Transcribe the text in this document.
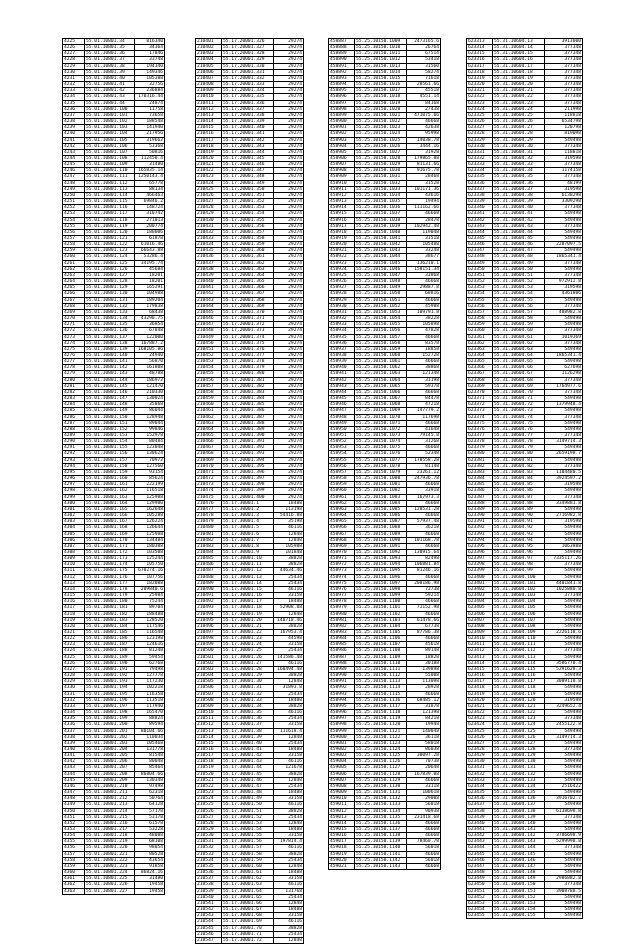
4225	55.01.10801.34	816340
4226	55.01.10801.35	34364
4227	55.01.10801.36	17846
4228	55.01.10801.37	33748
4229	55.01.10801.38	194340
4230	55.01.10801.39	149346
4231	55.01.10801.40	105388
4232	55.01.10801.41	32756
4233	55.01.10801.42	236884
4234	55.01.10801.43	170316.44
4235	55.01.10801.44	24874
4236	55.01.10801.100	11758
4237	55.01.10801.101	73658
4238	55.01.10801.102	188548
4239	55.01.10801.103	141940
4240	55.01.10801.104	217956
4241	55.01.10801.105	319662
4242	55.01.10801.106	53368
4243	55.01.10801.107	50816
4244	55.01.10801.108	112450.4
4245	55.01.10801.109	31480
4246	55.01.10801.110	165835.14
4247	55.01.10801.111	1250143.4
4248	55.01.10801.112	65778
4249	55.01.10801.113	88134
4250	55.01.10801.114	466463
4251	55.01.10801.115	69846.2
4252	55.01.10801.116	148724
4253	55.01.10801.117	310742
4254	55.01.10801.118	271013
4255	55.01.10801.119	200774
4256	55.01.10801.120	180006
4257	55.01.10801.121	61878
4258	55.01.10801.122	61016.46
4259	55.01.10801.123	66643.88
4260	55.01.10801.124	53286.4
4261	55.01.10801.125	34195.74
4262	55.01.10801.126	45684
4263	55.01.10801.127	18201
4264	55.01.10801.128	18201
4265	55.01.10801.129	165291
4266	55.01.10801.130	104988
4267	55.01.10801.131	189204
4268	55.01.10801.132	179838
4269	55.01.10801.133	68438
4270	55.01.10801.134	43290.75
4271	55.01.10801.135	36854
4272	55.01.10801.136	67848
4273	55.01.10801.137	122000
4274	55.01.10801.138	167887.2
4275	55.01.10801.139	168105.86
4276	55.01.10801.140	24940
4277	55.01.10801.141	56870
4278	55.01.10801.142	161808
4279	55.01.10801.143	48788
4280	55.01.10801.144	186972
4281	55.01.10801.145	121470
4282	55.01.10801.146	210330
4283	55.01.10801.147	130024
4284	55.01.10801.148	35868
4285	55.01.10801.149	86044
4286	55.01.10801.150	128948
4287	55.01.10801.151	89044
4288	55.01.10801.152	99846
4289	55.01.10801.153	152978
4290	55.01.10801.154	80484
4291	55.01.10801.155	123048
4292	55.01.10801.156	130624
4293	55.01.10801.157	70972
4294	55.01.10801.158	127560
4295	55.01.10801.159	93154
4296	55.01.10801.160	85624
4297	55.01.10801.161	222199
4298	55.01.10801.162	116518
4299	55.01.10801.163	125988
4300	55.01.10801.164	129980
4301	55.01.10801.165	162648
4302	55.01.10801.166	105288
4303	55.01.10801.167	126224
4304	55.01.10801.168	126644
4305	55.01.10801.169	125988
4306	55.01.10801.170	134484
4307	55.01.10801.171	180388
4308	55.01.10801.172	103508
4309	55.01.10801.173	125244
4310	55.01.10801.174	105750
4311	55.01.10801.175	670274.16
4312	55.01.10801.176	107756
4313	55.01.10801.177	182088
4314	55.01.10801.178	209840.6
4315	55.01.10801.179	25984
4316	55.01.10801.180	75244
4317	55.01.10801.181	89704
4318	55.01.10801.182	188488
4319	55.01.10801.183	128520
4320	55.01.10801.184	117546
4321	55.01.10801.185	116548
4322	55.01.10801.186	123198
4323	55.01.10801.187	124616
4324	55.01.10801.188	81248
4325	55.01.10801.189	59454
4326	55.01.10801.190	62768
4327	55.01.10801.191	79498
4328	55.01.10801.192	127778
4329	55.01.10801.193	117230
4330	55.01.10801.194	102218
4331	55.01.10801.195	116358
4332	55.01.10801.196	113518
4333	55.01.10801.197	117940
4334	55.01.10801.198	165470
4335	55.01.10801.199	88824
4336	55.01.10801.200	89594
4337	55.01.10801.201	80104.66
4338	55.01.10801.202	110034
4339	55.01.10801.203	105468
4340	55.01.10801.204	131778
4341	55.01.10801.205	81548
4342	55.01.10801.206	80048
4343	55.01.10801.207	85464
4344	55.01.10801.208	86804.66
4345	55.01.10801.209	130348
4346	55.01.10801.210	97498
4347	55.01.10801.211	62318
4348	55.01.10801.212	50764
4349	55.01.10801.213	64128
4350	55.01.10801.214	57178
4351	55.01.10801.215	53178
4352	55.01.10801.216	61578
4353	55.01.10801.217	53228
4354	55.01.10801.218	48088
4355	55.01.10801.219	68108
4356	55.01.10801.220	98054
4357	55.01.10801.221	80528
4358	55.01.10801.222	43654
4359	55.01.10801.223	91858
4360	55.01.10801.224	86824.16
4361	55.01.10801.225	31480
4362	55.01.10801.226	19458
4363	55.01.10801.227	19458
210401	55.17.20001.326	29274
210402	55.17.20001.327	29274
210403	55.17.20001.328	29274
210404	55.17.20001.329	29274
210405	55.17.20001.330	29274
210406	55.17.20001.331	29274
210407	55.17.20001.332	29274
210408	55.17.20001.333	29274
210409	55.17.20001.334	29274
210410	55.17.20001.335	29274
210411	55.17.20001.336	29274
210412	55.17.20001.337	29274
210413	55.17.20001.338	29274
210414	55.17.20001.339	29274
210415	55.17.20001.340	29274
210416	55.17.20001.341	29274
210417	55.17.20001.342	29274
210418	55.17.20001.343	29274
210419	55.17.20001.344	29274
210420	55.17.20001.345	29274
210421	55.17.20001.346	29274
210422	55.17.20001.347	29274
210423	55.17.20001.348	29274
210424	55.17.20001.349	29274
210425	55.17.20001.350	29274
210426	55.17.20001.351	29274
210427	55.17.20001.352	29274
210428	55.17.20001.353	29274
210429	55.17.20001.354	29274
210430	55.17.20001.355	29274
210431	55.17.20001.356	29274
210432	55.17.20001.357	29274
210433	55.17.20001.358	29274
210434	55.17.20001.359	29274
210435	55.17.20001.360	29274
210436	55.17.20001.361	29274
210437	55.17.20001.362	29274
210438	55.17.20001.363	29274
210439	55.17.20001.364	29274
210440	55.17.20001.365	29274
210441	55.17.20001.366	29274
210442	55.17.20001.367	29274
210443	55.17.20001.368	29274
210444	55.17.20001.369	29274
210445	55.17.20001.370	29274
210446	55.17.20001.371	29274
210447	55.17.20001.372	29274
210448	55.17.20001.373	29274
210449	55.17.20001.374	29274
210450	55.17.20001.375	29274
210451	55.17.20001.376	29274
210452	55.17.20001.377	29274
210453	55.17.20001.378	29274
210454	55.17.20001.379	29274
210455	55.17.20001.380	29274
210456	55.17.20001.381	29274
210457	55.17.20001.382	29274
210458	55.17.20001.383	29274
210459	55.17.20001.384	29274
210460	55.17.20001.385	29274
210461	55.17.20001.386	29274
210462	55.17.20001.387	29274
210463	55.17.20001.388	29274
210464	55.17.20001.389	29274
210465	55.17.20001.390	29274
210466	55.17.20001.391	29274
210467	55.17.20001.392	29274
210468	55.17.20001.393	29274
210469	55.17.20001.394	29274
210470	55.17.20001.395	29274
210471	55.17.20001.396	29274
210472	55.17.20001.397	29274
210473	55.17.20001.398	29274
210474	55.17.20001.399	29274
210475	55.17.20001.400	29274
210476	55.17.30001.1	18488
210477	55.17.30001.2	113198
210478	55.17.30001.3	54416.88
210479	55.17.30001.4	35198
210480	55.17.30001.5	46116
210481	55.17.30001.6	12848
210482	55.17.30001.7	12848
210483	55.17.30001.8	105988
210484	55.17.30001.9	101848
210485	55.17.30001.10	38828
210486	55.17.30001.11	38828
210487	55.17.30001.12	44634.46
210488	55.17.30001.13	25434
210489	55.17.30001.14	25434
210490	55.17.30001.15	46116
210491	55.17.30001.16	33158
210492	55.17.30001.17	18488
210493	55.17.30001.18	52908.88
210494	55.17.30001.19	12848
210495	55.17.30001.20	140718.46
210496	55.17.30001.21	38828
210497	55.17.30001.22	167953.4
210498	55.17.30001.23	44598
210499	55.17.30001.24	33158
210500	55.17.30001.25	25434
210501	55.17.30001.26	141586.48
210502	55.17.30001.27	46116
210503	55.17.30001.28	160494.48
210504	55.17.30001.29	38828
210505	55.17.30001.30	12848
210506	55.17.30001.31	31893.8
210507	55.17.30001.32	25434
210508	55.17.30001.33	18488
210509	55.17.30001.34	38828
210510	55.17.30001.35	46116
210511	55.17.30001.36	25434
210512	55.17.30001.37	33158
210513	55.17.30001.38	111618.4
210514	55.17.30001.39	12848
210515	55.17.30001.40	25434
210516	55.17.30001.41	18488
210517	55.17.30001.42	33158
210518	55.17.30001.43	46116
210519	55.17.30001.44	121678
210520	55.17.30001.45	38828
210521	55.17.30001.46	12848
210522	55.17.30001.47	25434
210523	55.17.30001.48	18488
210524	55.17.30001.49	33158
210525	55.17.30001.50	46116
210526	55.17.30001.51	38828
210527	55.17.30001.52	25434
210528	55.17.30001.53	12848
210529	55.17.30001.54	18488
210530	55.17.30001.55	33158
210531	55.17.30001.56	197814.4
210532	55.17.30001.57	46116
210533	55.17.30001.58	38828
210534	55.17.30001.59	25434
210535	55.17.30001.60	12848
210536	55.17.30001.61	18488
210537	55.17.30001.62	33158
210538	55.17.30001.63	46116
210539	55.17.30001.64	131768
210540	55.17.30001.65	25434
210541	55.17.30001.66	12848
210542	55.17.30001.67	18488
210543	55.17.30001.68	33158
210544	55.17.30001.69	46116
210545	55.17.30001.70	38828
210546	55.17.30001.71	25434
210547	55.17.30001.72	12848
458887	55.25.10150.1009	2473165.6
458888	55.25.10150.1010	26764
458889	55.25.10150.1011	67514
458890	55.25.10150.1012	53418
458891	55.25.10150.1013	31560
458892	55.25.10150.1014	58274
458893	55.25.10150.1015	71618
458894	55.25.10150.1016	28561.66
458895	55.25.10150.1017	45518
458896	55.25.10150.1018	4551.14
458897	55.25.10150.1019	84168
458898	55.25.10150.1020	27438
458899	55.25.10150.1021	471075.66
458900	55.25.10150.1022	46668
458901	55.25.10150.1023	42638
458902	55.25.10150.1024	95998
458903	55.25.10150.1025	14038.78
458904	55.25.10150.1026	3444.16
458905	55.25.10150.1027	31928
458906	55.25.10150.1028	179865.88
458907	55.25.10150.1029	81131.66
458908	55.25.10150.1030	91675.78
458909	55.25.10150.1031	28468
458910	55.25.10150.1032	31528
458911	55.25.10150.1033	101171.36
458912	55.25.10150.1034	43616
458913	55.25.10150.1035	19494
458914	55.25.10150.1036	111162.66
458915	55.25.10150.1037	46668
458916	55.25.10150.1038	28478
458917	55.25.10150.1039	102942.48
458918	55.25.10150.1040	119048
458919	55.25.10150.1041	31518
458920	55.25.10150.1042	105488
458921	55.25.10150.1043	33248
458922	55.25.10150.1044	38677
458923	55.25.10150.1045	136210.1
458924	55.25.10150.1046	158151.34
458925	55.25.10150.1047	33868
458926	55.25.10150.1048	46668
458927	55.25.10150.1049	29887.8
458928	55.25.10150.1050	68816
458929	55.25.10150.1051	46668
458930	55.25.10150.1052	45988
458931	55.25.10150.1053	109791.8
458932	55.25.10150.1054	38228
458933	55.25.10150.1055	105898
458934	55.25.10150.1056	47828
458935	55.25.10150.1057	46668
458936	55.25.10150.1058	83578
458937	55.25.10150.1059	18858
458938	55.25.10150.1060	152728
458939	55.25.10150.1061	46668
458940	55.25.10150.1062	38868
458941	55.25.10150.1063	121348
458942	55.25.10150.1064	31198
458943	55.25.10150.1065	59378
458944	55.25.10150.1066	46668
458945	55.25.10150.1067	84478
458946	55.25.10150.1068	47218
458947	55.25.10150.1069	147779.2
458948	55.25.10150.1070	117698
458949	55.25.10150.1071	46668
458950	55.25.10150.1072	41648
458951	55.25.10150.1073	79145.8
458952	55.25.10150.1074	31268
458953	55.25.10150.1075	46668
458954	55.25.10150.1076	52348
458955	55.25.10150.1077	170558.28
458956	55.25.10150.1078	81148
458957	55.25.10150.1079	23261.12
458958	55.25.10150.1080	247936.78
458959	55.25.10150.1081	46668
458960	55.25.10150.1082	33918
458961	55.25.10150.1083	167973.3
458962	55.25.10150.1084	46668
458963	55.25.10150.1085	120531.28
458964	55.25.10150.1086	46668
458965	55.25.10150.1087	57937.48
458966	55.25.10150.1088	36218
458967	55.25.10150.1089	46668
458968	55.25.10150.1090	101168.78
458969	55.25.10150.1091	46668
458970	55.25.10150.1092	130915.64
458971	55.25.10150.1093	82498
458972	55.25.10150.1094	106881.84
458973	55.25.10150.1095	81246.16
458974	55.25.10150.1096	46668
458975	55.25.10150.1097	208186.98
458976	55.25.10150.1098	73738
458977	55.25.10150.1099	59214
458978	55.25.10150.1100	46668
458979	55.25.10150.1101	71152.98
458980	55.25.10150.1102	46668
458981	55.25.10150.1103	61478.66
458982	55.25.10150.1104	67738
458983	55.25.10150.1105	87786.38
458984	55.25.10150.1106	46668
458985	55.25.10150.1107	45618
458986	55.25.10150.1108	89148
458987	55.25.10150.1109	18828
458988	55.25.10150.1110	30188
458989	55.25.10150.1111	139898
458990	55.25.10150.1112	55008
458991	55.25.10150.1113	113098
458992	55.25.10150.1114	28928
458993	55.25.10150.1115	46668
458994	55.25.10150.1116	68485.12
458995	55.25.10150.1117	31878
458996	55.25.10150.1118	121398
458997	55.25.10150.1119	84218
458998	55.25.10150.1120	19948
458999	55.25.10150.1121	140048
459000	55.25.10150.1122	36118
459001	55.25.10150.1123	58018
459002	55.25.10150.1124	86038
459003	55.25.10150.1125	30097.28
459004	55.25.10150.1126	70738
459005	55.25.10150.1127	20648
459006	55.25.10150.1128	167839.88
459007	55.25.10150.1129	46668
459008	55.25.10150.1130	33118
459009	55.25.10150.1131	100618
459010	55.25.10150.1132	29008
459011	55.25.10150.1133	56018
459012	55.25.10150.1134	90938
459013	55.25.10150.1135	231418.68
459014	55.25.10150.1136	46668
459015	55.25.10150.1137	46668
459016	55.25.10150.1138	46668
459017	55.25.10150.1139	78460.78
459018	55.25.10150.1140	56018
459019	55.25.10150.1141	46668
459020	55.25.10150.1142	56018
459021	55.25.10150.1143	46668
623313	55.31.10604.13	3913000
623314	55.31.10604.14	377348
623315	55.31.10604.15	377348
623316	55.31.10604.16	377348
623317	55.31.10604.17	377348
623318	55.31.10604.18	377348
623319	55.31.10604.19	377348
623320	55.31.10604.20	377348
623321	55.31.10604.21	377348
623322	55.31.10604.22	377348
623323	55.31.10604.23	377348
623324	55.31.10604.24	211998
623325	55.31.10604.25	118818
623326	55.31.10604.26	6534798
623327	55.31.10604.27	120798
623328	55.31.10604.28	819098
623329	55.31.10604.29	549498
623330	55.31.10604.30	377348
623331	55.31.10604.31	118818
623332	55.31.10604.32	319598
623333	55.31.10604.33	377348
623334	55.31.10604.34	1174158
623335	55.31.10604.35	377348
623336	55.31.10604.36	48199
623337	55.31.10604.37	319598
623338	55.31.10604.38	6138298
623339	55.31.10604.39	3309298
623340	55.31.10604.40	377348
623341	55.31.10604.41	549498
623342	55.31.10604.42	549498
623343	55.31.10604.43	377348
623344	55.31.10604.44	549498
623345	55.31.10604.45	549498
623346	55.31.10604.46	2287097.5
623347	55.31.10604.47	549498
623348	55.31.10604.48	1865341.4
623349	55.31.10604.49	377348
623350	55.31.10604.50	549498
623351	55.31.10604.51	377348
623352	55.31.10604.52	972912.8
623353	55.31.10604.53	319598
623354	55.31.10604.54	4361806
623355	55.31.10604.55	549498
623356	55.31.10604.56	377348
623357	55.31.10604.57	488982.8
623358	55.31.10604.58	549498
623359	55.31.10604.59	549498
623360	55.31.10604.60	377348
623361	55.31.10604.61	1019369
623362	55.31.10604.62	377348
623363	55.31.10604.63	549498
623364	55.31.10604.64	1865341.4
623365	55.31.10604.65	549498
623366	55.31.10604.66	627698
623367	55.31.10604.67	1126298
623368	55.31.10604.68	377348
623369	55.31.10604.69	1764977.6
623370	55.31.10604.70	377348
623371	55.31.10604.71	549498
623372	55.31.10604.72	1379948.4
623373	55.31.10604.73	549498
623374	55.31.10604.74	377348
623375	55.31.10604.75	549498
623376	55.31.10604.76	549498
623377	55.31.10604.77	377348
623378	55.31.10604.78	3149714.3
623379	55.31.10604.79	549498
623380	55.31.10604.80	2659198.7
623381	55.31.10604.81	549498
623382	55.31.10604.82	377348
623383	55.31.10604.83	1104480.5
623384	55.31.10604.84	3924597.2
623385	55.31.10604.85	319598
623386	55.31.10604.86	549498
623387	55.31.10604.87	377348
623388	55.31.10604.88	3349881.8
623389	55.31.10604.89	549498
623390	55.31.10604.90	2716982.8
623391	55.31.10604.91	319598
623392	55.31.10604.92	549498
623393	55.31.10604.93	549498
623394	55.31.10604.94	549498
623395	55.31.10604.95	1063888
623396	55.31.10604.96	549498
623397	55.31.10604.97	7335117.26
623398	55.31.10604.98	377348
623399	55.31.10604.99	549498
623400	55.31.10604.100	549498
623401	55.31.10604.101	4401841.8
623402	55.31.10604.102	1025880.8
623403	55.31.10604.103	377348
623404	55.31.10604.104	549498
623405	55.31.10604.105	549498
623406	55.31.10604.106	549498
623407	55.31.10604.107	549498
623408	55.31.10604.108	549498
623409	55.31.10604.109	2226118.6
623410	55.31.10604.110	549498
623411	55.31.10604.111	549498
623412	55.31.10604.112	377348
623413	55.31.10604.113	549498
623414	55.31.10604.114	3586770.4
623415	55.31.10604.115	5291628.3
623416	55.31.10604.116	549498
623417	55.31.10604.117	3009118.8
623418	55.31.10604.118	549498
623419	55.31.10604.119	549498
623420	55.31.10604.120	319598
623421	55.31.10604.121	3249652.4
623422	55.31.10604.122	549498
623423	55.31.10604.123	377348
623424	55.31.10604.124	2455122.8
623425	55.31.10604.125	549498
623426	55.31.10604.126	3149714.3
623427	55.31.10604.127	549498
623428	55.31.10604.128	377348
623429	55.31.10604.129	549498
623430	55.31.10604.130	549498
623431	55.31.10604.131	549498
623432	55.31.10604.132	549498
623433	55.31.10604.133	549498
623434	55.31.10604.134	2516422
623435	55.31.10604.135	549498
623436	55.31.10604.136	3916702.7
623437	55.31.10604.137	549498
623438	55.31.10604.138	6138698.8
623439	55.31.10604.139	377348
623440	55.31.10604.140	549498
623441	55.31.10604.141	549498
623442	55.31.10604.142	3786698.9
623443	55.31.10604.143	5299998.8
623444	55.31.10604.144	377348
623445	55.31.10604.145	549498
623446	55.31.10604.146	549498
623447	55.31.10604.147	549498
623448	55.31.10604.148	549498
623449	55.31.10604.149	2986882.8
623450	55.31.10604.150	377348
623451	55.31.10604.151	3908788.5
623452	55.31.10604.152	549498
623453	55.31.10604.153	549498
623454	55.31.10604.154	549498
623455	55.31.10604.155	549498
